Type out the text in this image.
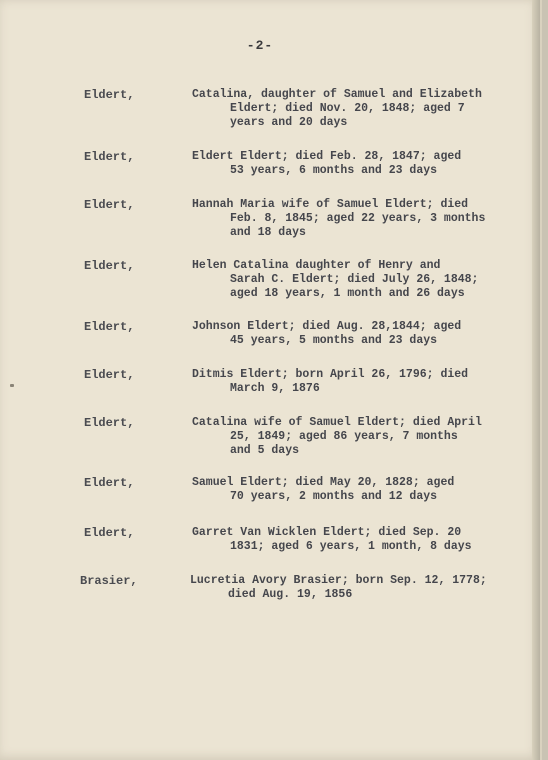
-2-
Eldert,	Catalina, daughter of Samuel and Elizabeth
Eldert; died Nov. 20, 1848; aged 7
years and 20 days
Eldert,	Eldert Eldert; died Feb. 28, 1847; aged
53 years, 6 months and 23 days
Eldert,	Hannah Maria wife of Samuel Eldert; died
Feb. 8, 1845; aged 22 years, 3 months
and 18 days
Eldert,	Helen Catalina daughter of Henry and
Sarah C. Eldert; died July 26, 1848;
aged 18 years, 1 month and 26 days
Eldert,	Johnson Eldert; died Aug. 28,1844; aged
45 years, 5 months and 23 days
Eldert,	Ditmis Eldert; born April 26, 1796; died
March 9, 1876
Eldert,	Catalina wife of Samuel Eldert; died April
25, 1849; aged 86 years, 7 months
and 5 days
Eldert,	Samuel Eldert; died May 20, 1828; aged
70 years, 2 months and 12 days
Eldert,	Garret Van Wicklen Eldert; died Sep. 20
1831; aged 6 years, 1 month, 8 days
Brasier,	Lucretia Avory Brasier; born Sep. 12, 1778;
died Aug. 19, 1856
